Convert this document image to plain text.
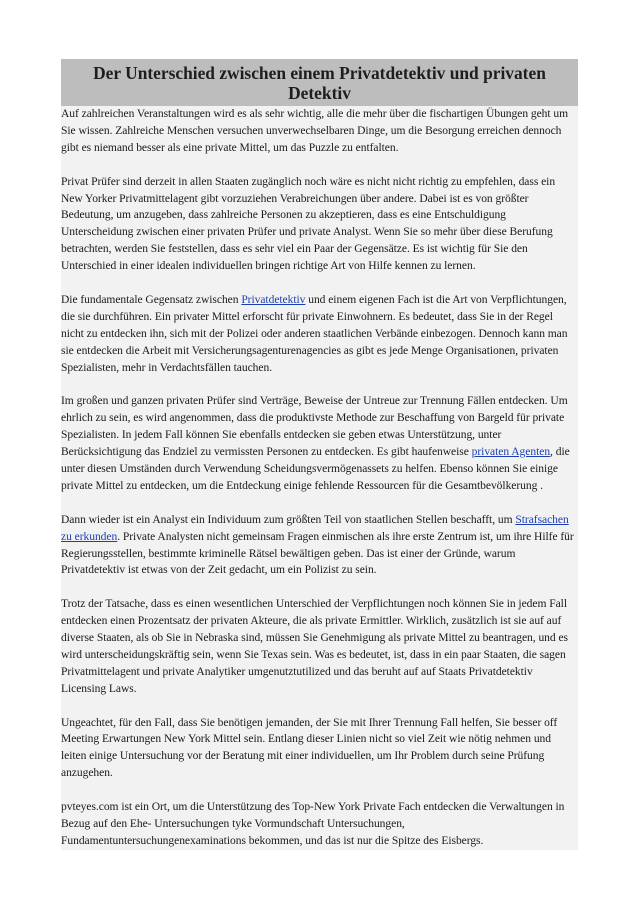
Der Unterschied zwischen einem Privatdetektiv und privaten Detektiv

Auf zahlreichen Veranstaltungen wird es als sehr wichtig, alle die mehr über die fischartigen Übungen geht um Sie wissen. Zahlreiche Menschen versuchen unverwechselbaren Dinge, um die Besorgung erreichen dennoch gibt es niemand besser als eine private Mittel, um das Puzzle zu entfalten.

Privat Prüfer sind derzeit in allen Staaten zugänglich noch wäre es nicht nicht richtig zu empfehlen, dass ein New Yorker Privatmittelagent gibt vorzuziehen Verabreichungen über andere. Dabei ist es von größter Bedeutung, um anzugeben, dass zahlreiche Personen zu akzeptieren, dass es eine Entschuldigung Unterscheidung zwischen einer privaten Prüfer und private Analyst. Wenn Sie so mehr über diese Berufung betrachten, werden Sie feststellen, dass es sehr viel ein Paar der Gegensätze. Es ist wichtig für Sie den Unterschied in einer idealen individuellen bringen richtige Art von Hilfe kennen zu lernen.

Die fundamentale Gegensatz zwischen Privatdetektiv und einem eigenen Fach ist die Art von Verpflichtungen, die sie durchführen. Ein privater Mittel erforscht für private Einwohnern. Es bedeutet, dass Sie in der Regel nicht zu entdecken ihn, sich mit der Polizei oder anderen staatlichen Verbände einbezogen. Dennoch kann man sie entdecken die Arbeit mit Versicherungsagenturenagencies as gibt es jede Menge Organisationen, privaten Spezialisten, mehr in Verdachtsfällen tauchen.

Im großen und ganzen privaten Prüfer sind Verträge, Beweise der Untreue zur Trennung Fällen entdecken. Um ehrlich zu sein, es wird angenommen, dass die produktivste Methode zur Beschaffung von Bargeld für private Spezialisten. In jedem Fall können Sie ebenfalls entdecken sie geben etwas Unterstützung, unter Berücksichtigung das Endziel zu vermissten Personen zu entdecken. Es gibt haufenweise privaten Agenten, die unter diesen Umständen durch Verwendung Scheidungsvermögenassets zu helfen. Ebenso können Sie einige private Mittel zu entdecken, um die Entdeckung einige fehlende Ressourcen für die Gesamtbevölkerung .

Dann wieder ist ein Analyst ein Individuum zum größten Teil von staatlichen Stellen beschafft, um Strafsachen zu erkunden. Private Analysten nicht gemeinsam Fragen einmischen als ihre erste Zentrum ist, um ihre Hilfe für Regierungsstellen, bestimmte kriminelle Rätsel bewältigen geben. Das ist einer der Gründe, warum Privatdetektiv ist etwas von der Zeit gedacht, um ein Polizist zu sein.

Trotz der Tatsache, dass es einen wesentlichen Unterschied der Verpflichtungen noch können Sie in jedem Fall entdecken einen Prozentsatz der privaten Akteure, die als private Ermittler. Wirklich, zusätzlich ist sie auf auf diverse Staaten, als ob Sie in Nebraska sind, müssen Sie Genehmigung als private Mittel zu beantragen, und es wird unterscheidungskräftig sein, wenn Sie Texas sein. Was es bedeutet, ist, dass in ein paar Staaten, die sagen Privatmittelagent und private Analytiker umgenutztutilized und das beruht auf auf Staats Privatdetektiv Licensing Laws.

Ungeachtet, für den Fall, dass Sie benötigen jemanden, der Sie mit Ihrer Trennung Fall helfen, Sie besser off Meeting Erwartungen New York Mittel sein. Entlang dieser Linien nicht so viel Zeit wie nötig nehmen und leiten einige Untersuchung vor der Beratung mit einer individuellen, um Ihr Problem durch seine Prüfung anzugehen.

pvteyes.com ist ein Ort, um die Unterstützung des Top-New York Private Fach entdecken die Verwaltungen in Bezug auf den Ehe- Untersuchungen tyke Vormundschaft Untersuchungen, Fundamentuntersuchungenexaminations bekommen, und das ist nur die Spitze des Eisbergs.
